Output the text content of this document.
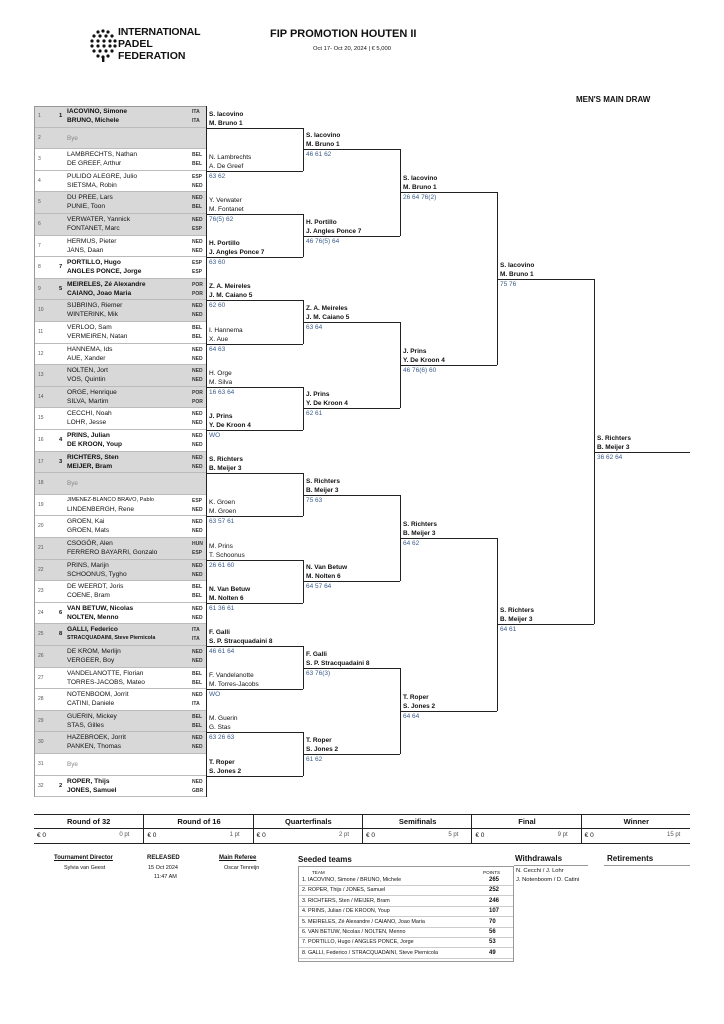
INTERNATIONAL
PADEL
FEDERATION
FIP PROMOTION HOUTEN II
Oct 17- Oct 20, 2024 | € 5,000
MEN'S MAIN DRAW
1	1
IACOVINO, Simone
BRUNO, Michele
ITA
ITA
2	Bye
3
LAMBRECHTS, Nathan
DE GREEF, Arthur
BEL
BEL
4
PULIDO ALEGRE, Julio
SIETSMA, Robin
ESP
NED
5
DU PREE, Lars
PUNIE, Toon
NED
BEL
6
VERWATER, Yannick
FONTANET, Marc
NED
ESP
7
HERMUS, Pieter
JANS, Daan
NED
NED
8	7
PORTILLO, Hugo
ANGLES PONCE, Jorge
ESP
ESP
9	5
MEIRELES, Zé Alexandre
CAIANO, Joao Maria
POR
POR
10
SIJBRING, Riemer
WINTERINK, Mik
NED
NED
11
VERLOO, Sam
VERMEIREN, Natan
BEL
BEL
12
HANNEMA, Ids
AUE, Xander
NED
NED
13
NOLTEN, Jort
VOS, Quintin
NED
NED
14
ORGE, Henrique
SILVA, Martim
POR
POR
15
CECCHI, Noah
LOHR, Jesse
NED
NED
16	4
PRINS, Julian
DE KROON, Youp
NED
NED
17	3
RICHTERS, Sten
MEIJER, Bram
NED
NED
18	Bye
19
JIMENEZ-BLANCO BRAVO, Pablo
LINDENBERGH, Rene
ESP
NED
20
GROEN, Kai
GROEN, Mats
NED
NED
21
CSOGÓR, Alen
FERRERO BAYARRI, Gonzalo
HUN
ESP
22
PRINS, Marijn
SCHOONUS, Tygho
NED
NED
23
DE WEERDT, Joris
COENE, Bram
BEL
BEL
24	6
VAN BETUW, Nicolas
NOLTEN, Menno
NED
NED
25	8
GALLI, Federico
STRACQUADAINI, Steve Piernicola
ITA
ITA
26
DE KROM, Merlijn
VERGEER, Boy
NED
NED
27
VANDELANOTTE, Florian
TORRES-JACOBS, Mateo
BEL
BEL
28
NOTENBOOM, Jorrit
CATINI, Daniele
NED
ITA
29
GUERIN, Mickey
STAS, Gilles
BEL
BEL
30
HAZEBROEK, Jorrit
PANKEN, Thomas
NED
NED
31	Bye
32	2
ROPER, Thijs
JONES, Samuel
NED
GBR
S. Iacovino
M. Bruno 1
N. Lambrechts
A. De Greef
63 62
Y. Verwater
M. Fontanet
76(5) 62
H. Portillo
J. Angles Ponce 7
63 60
Z. A. Meireles
J. M. Caiano 5
62 60
I. Hannema
X. Aue
64 63
H. Orge
M. Silva
16 63 64
J. Prins
Y. De Kroon 4
WO
S. Richters
B. Meijer 3
K. Groen
M. Groen
63 57 61
M. Prins
T. Schoonus
26 61 60
N. Van Betuw
M. Nolten 6
61 36 61
F. Galli
S. P. Stracquadaini 8
46 61 64
F. Vandelanotte
M. Torres-Jacobs
WO
M. Guerin
G. Stas
63 26 63
T. Roper
S. Jones 2
S. Iacovino
M. Bruno 1
46 61 62
H. Portillo
J. Angles Ponce 7
46 76(5) 64
Z. A. Meireles
J. M. Caiano 5
63 64
J. Prins
Y. De Kroon 4
62 61
S. Richters
B. Meijer 3
75 63
N. Van Betuw
M. Nolten 6
64 57 64
F. Galli
S. P. Stracquadaini 8
63 76(3)
T. Roper
S. Jones 2
61 62
S. Iacovino
M. Bruno 1
26 64 76(2)
J. Prins
Y. De Kroon 4
46 76(6) 60
S. Richters
B. Meijer 3
64 62
T. Roper
S. Jones 2
64 64
S. Iacovino
M. Bruno 1
75 76
S. Richters
B. Meijer 3
64 61
S. Richters
B. Meijer 3
36 62 64
Round of 32
€ 0	0 pt
Round of 16
€ 0	1 pt
Quarterfinals
€ 0	2 pt
Semifinals
€ 0	5 pt
Final
€ 0	9 pt
Winner
€ 0	15 pt
Tournament Director
Sylvia van Geest
RELEASED
15 Oct 2024
11:47 AM
Main Referee
Oscar Tenreijn
Seeded teams
TEAM	POINTS
1. IACOVINO, Simone / BRUNO, Michele	265
2. ROPER, Thijs / JONES, Samuel	252
3. RICHTERS, Sten / MEIJER, Bram	246
4. PRINS, Julian / DE KROON, Youp	107
5. MEIRELES, Zé Alexandre / CAIANO, Joao Maria	70
6. VAN BETUW, Nicolas / NOLTEN, Menno	56
7. PORTILLO, Hugo / ANGLES PONCE, Jorge	53
8. GALLI, Federico / STRACQUADAINI, Steve Piernicola	49
Withdrawals
N. Cecchi / J. Lohr
J. Notenboom / D. Catini
Retirements
